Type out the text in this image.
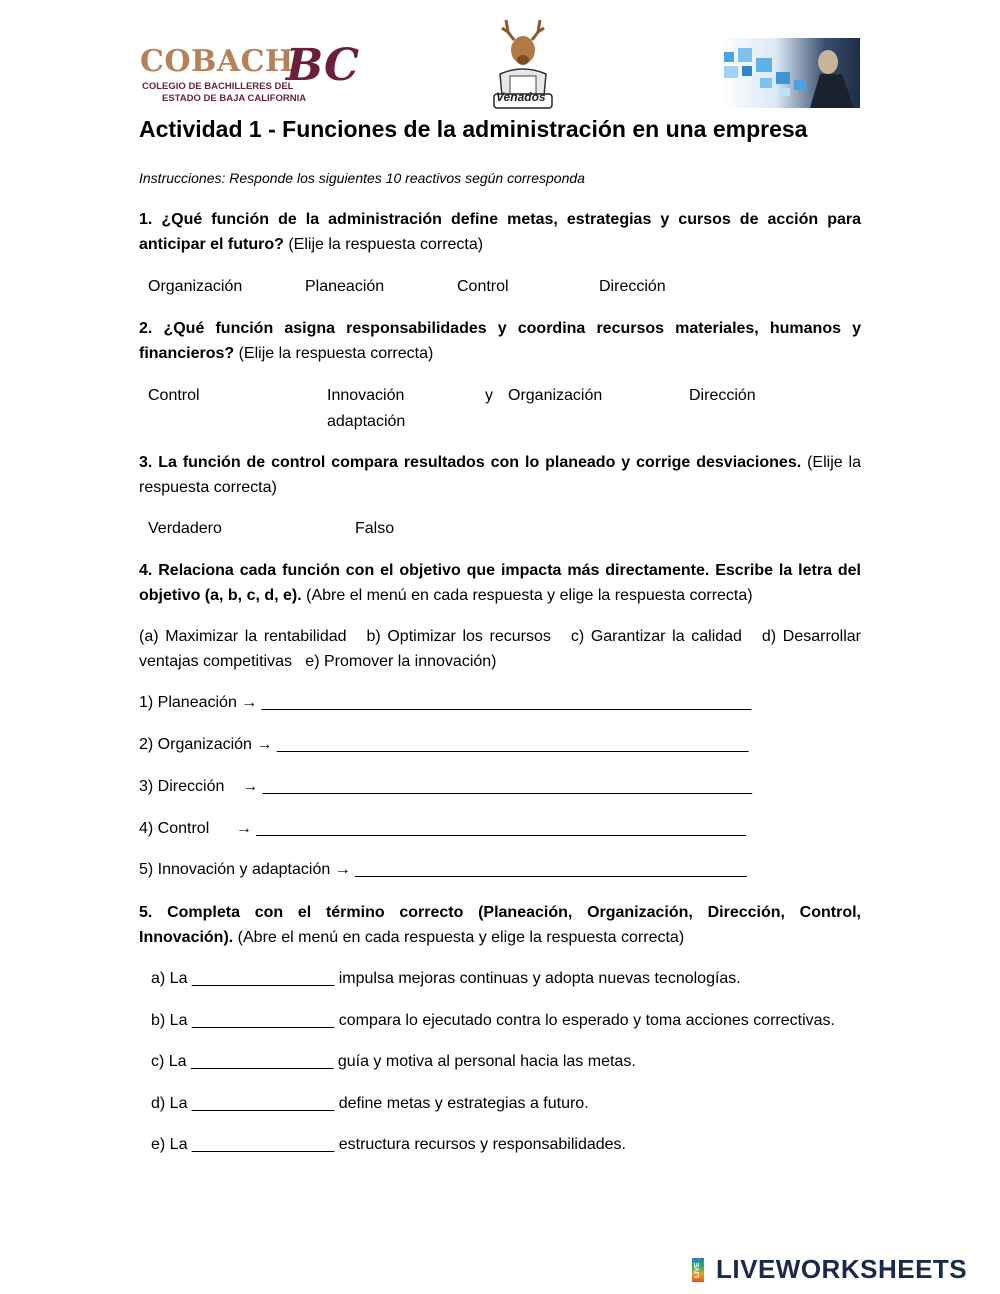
COBACH
COLEGIO DE BACHILLERES DEL
ESTADO DE BAJA CALIFORNIA
BC
Venados
Actividad 1 - Funciones de la administración en una empresa
Instrucciones: Responde los siguientes 10 reactivos según corresponda
1. ¿Qué función de la administración define metas, estrategias y cursos de acción para anticipar el futuro? (Elije la respuesta correcta)
Organización	Planeación	Control	Dirección
2. ¿Qué función asigna responsabilidades y coordina recursos materiales, humanos y financieros? (Elije la respuesta correcta)
Control	Innovación y adaptación
Organización	Dirección
3. La función de control compara resultados con lo planeado y corrige desviaciones. (Elije la respuesta correcta)
Verdadero	Falso
4. Relaciona cada función con el objetivo que impacta más directamente. Escribe la letra del objetivo (a, b, c, d, e). (Abre el menú en cada respuesta y elige la respuesta correcta)
(a) Maximizar la rentabilidad   b) Optimizar los recursos   c) Garantizar la calidad   d) Desarrollar ventajas competitivas   e) Promover la innovación)
1) Planeación → _______________________________________________________
2) Organización → _____________________________________________________
3) Dirección    → _______________________________________________________
4) Control      → _______________________________________________________
5) Innovación y adaptación → ____________________________________________
5. Completa con el término correcto (Planeación, Organización, Dirección, Control, Innovación). (Abre el menú en cada respuesta y elige la respuesta correcta)
a) La ________________ impulsa mejoras continuas y adopta nuevas tecnologías.
b) La ________________ compara lo ejecutado contra lo esperado y toma acciones correctivas.
c) La ________________ guía y motiva al personal hacia las metas.
d) La ________________ define metas y estrategias a futuro.
e) La ________________ estructura recursos y responsabilidades.
LIVE LIVEWORKSHEETS
